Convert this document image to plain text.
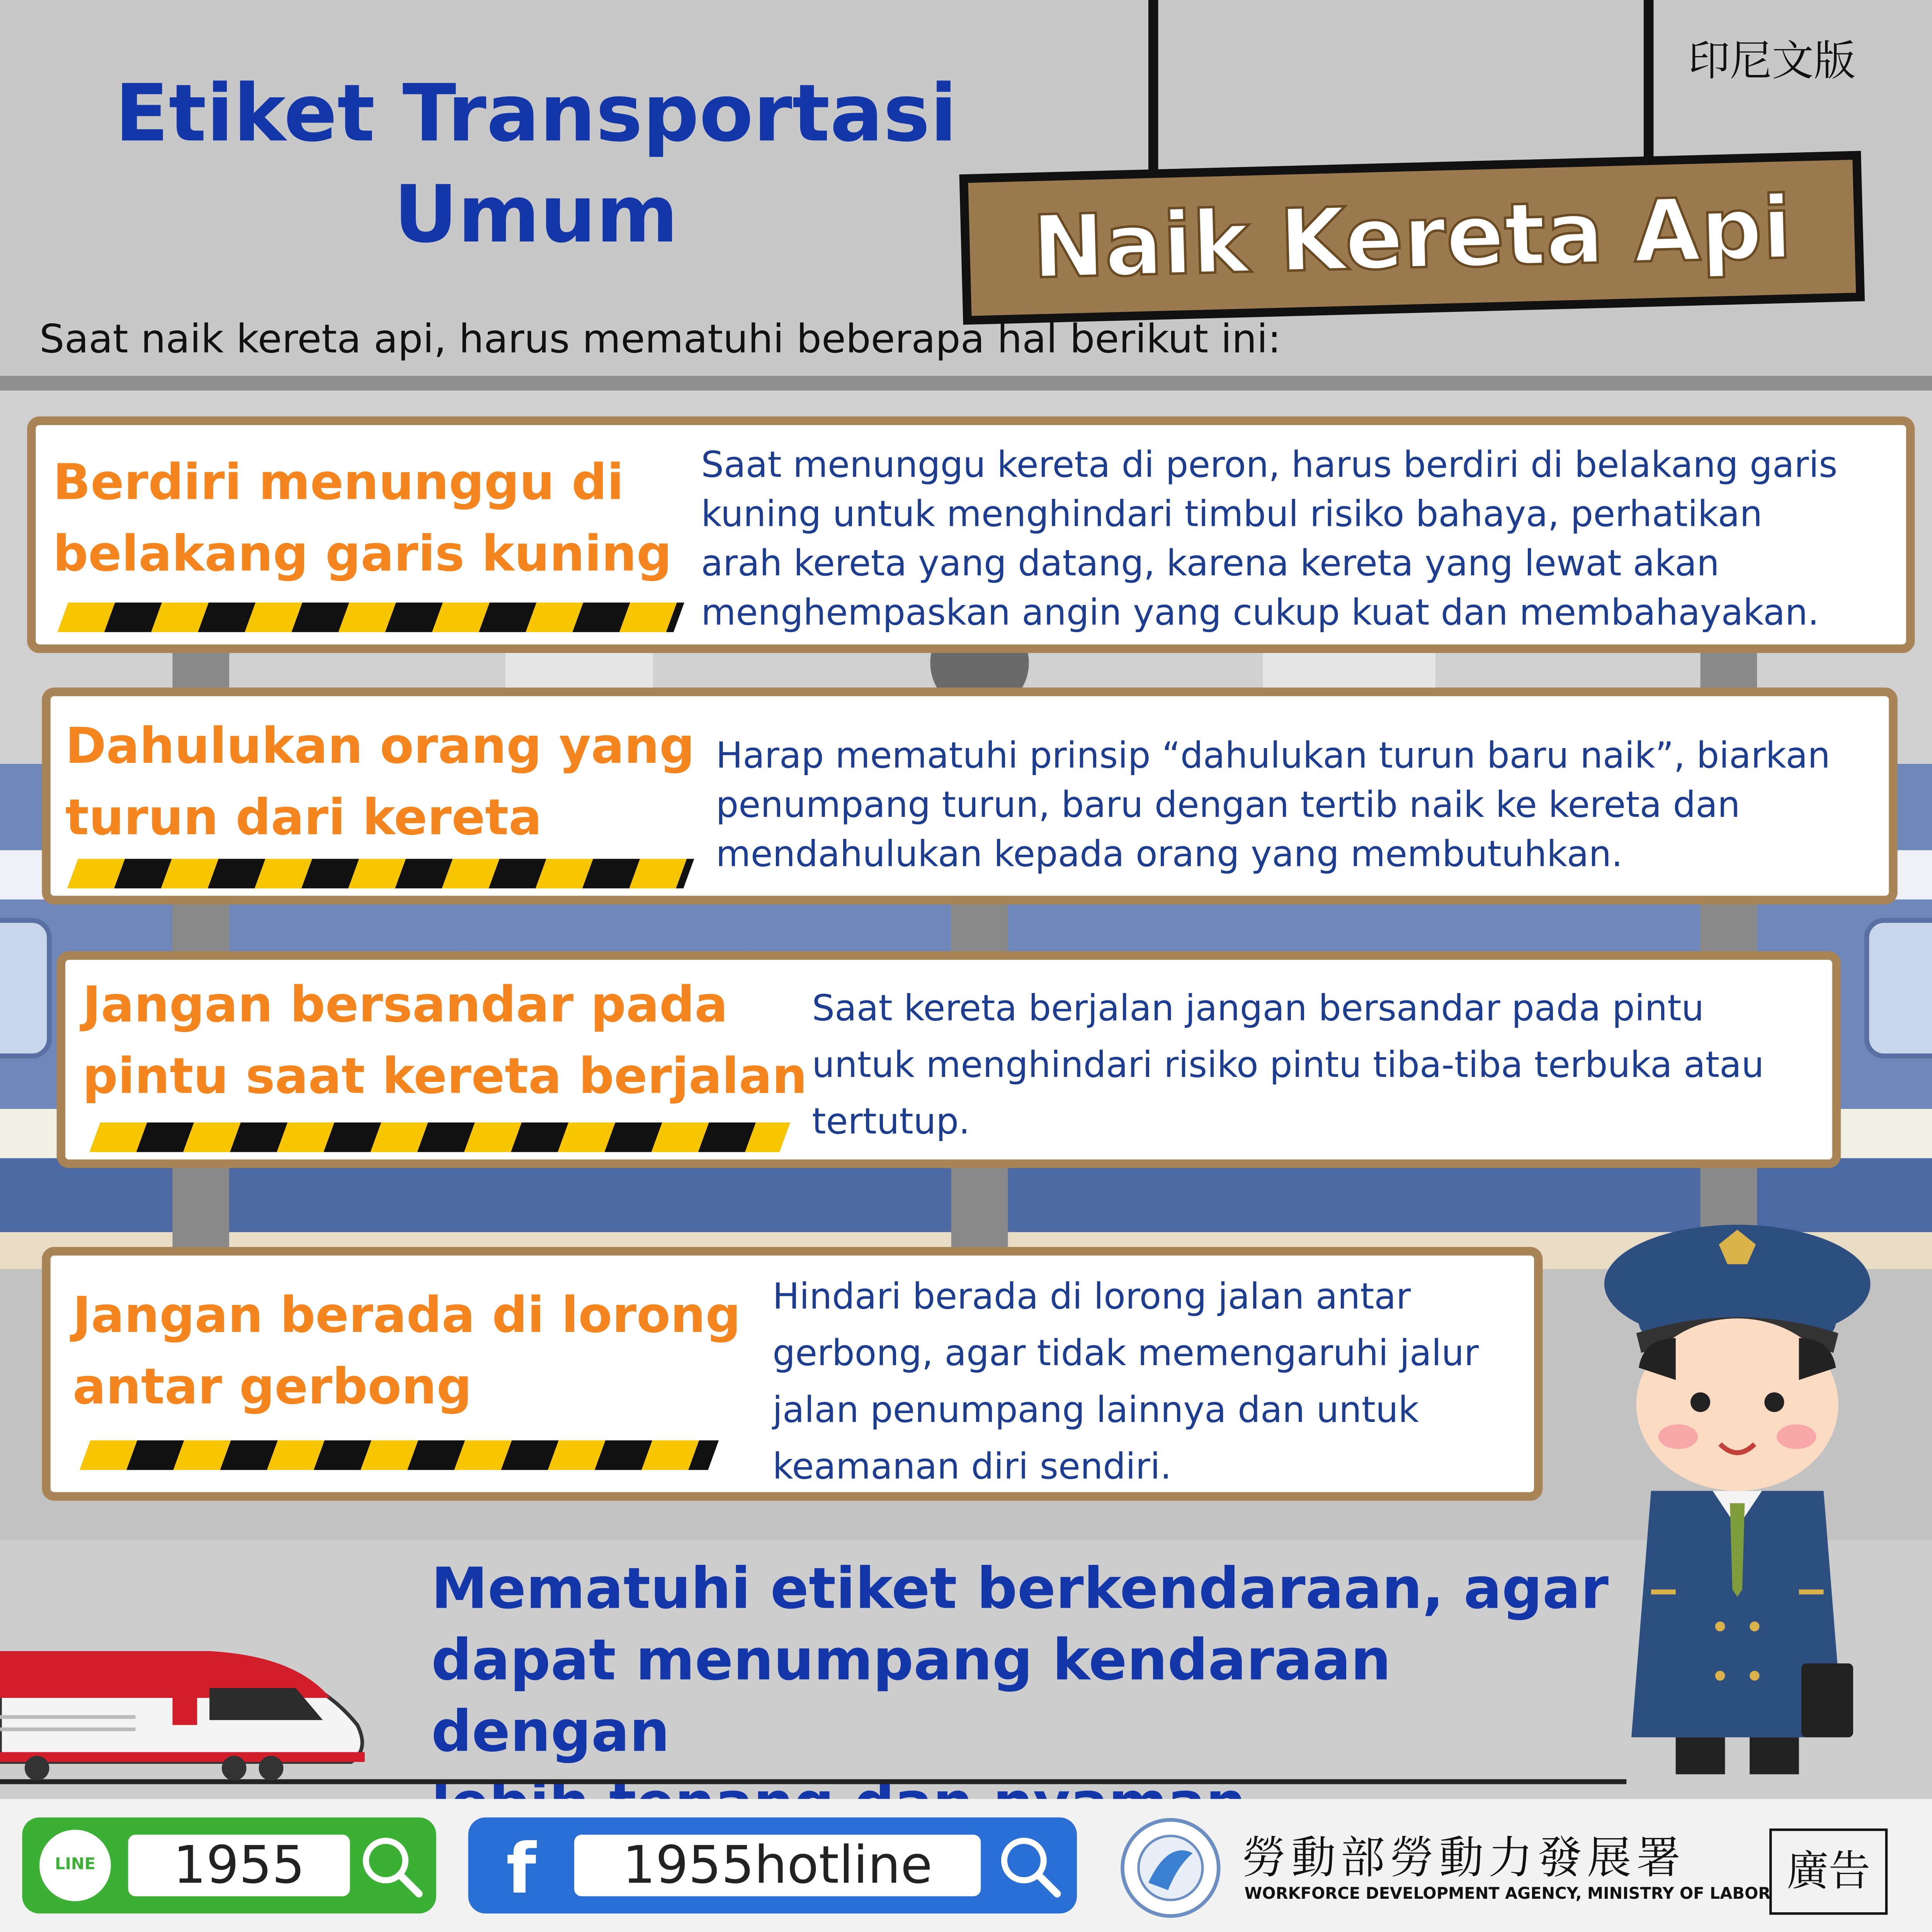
Etiket Transportasi
Umum
印尼文版
Naik Kereta Api
Saat naik kereta api, harus mematuhi beberapa hal berikut ini:
Berdiri menunggu di
belakang garis kuning
Saat menunggu kereta di peron, harus berdiri di belakang garis
kuning untuk menghindari timbul risiko bahaya, perhatikan
arah kereta yang datang, karena kereta yang lewat akan
menghempaskan angin yang cukup kuat dan membahayakan.
Dahulukan orang yang
turun dari kereta
Harap mematuhi prinsip “dahulukan turun baru naik”, biarkan
penumpang turun, baru dengan tertib naik ke kereta dan
mendahulukan kepada orang yang membutuhkan.
Jangan bersandar pada
pintu saat kereta berjalan
Saat kereta berjalan jangan bersandar pada pintu
untuk menghindari risiko pintu tiba-tiba terbuka atau
tertutup.
Jangan berada di lorong
antar gerbong
Hindari berada di lorong jalan antar
gerbong, agar tidak memengaruhi jalur
jalan penumpang lainnya dan untuk
keamanan diri sendiri.
Mematuhi etiket berkendaraan, agar
dapat menumpang kendaraan dengan
LINE	1955	f	1955hotline	勞動部勞動力發展署
WORKFORCE DEVELOPMENT AGENCY, MINISTRY OF LABOR	廣告
